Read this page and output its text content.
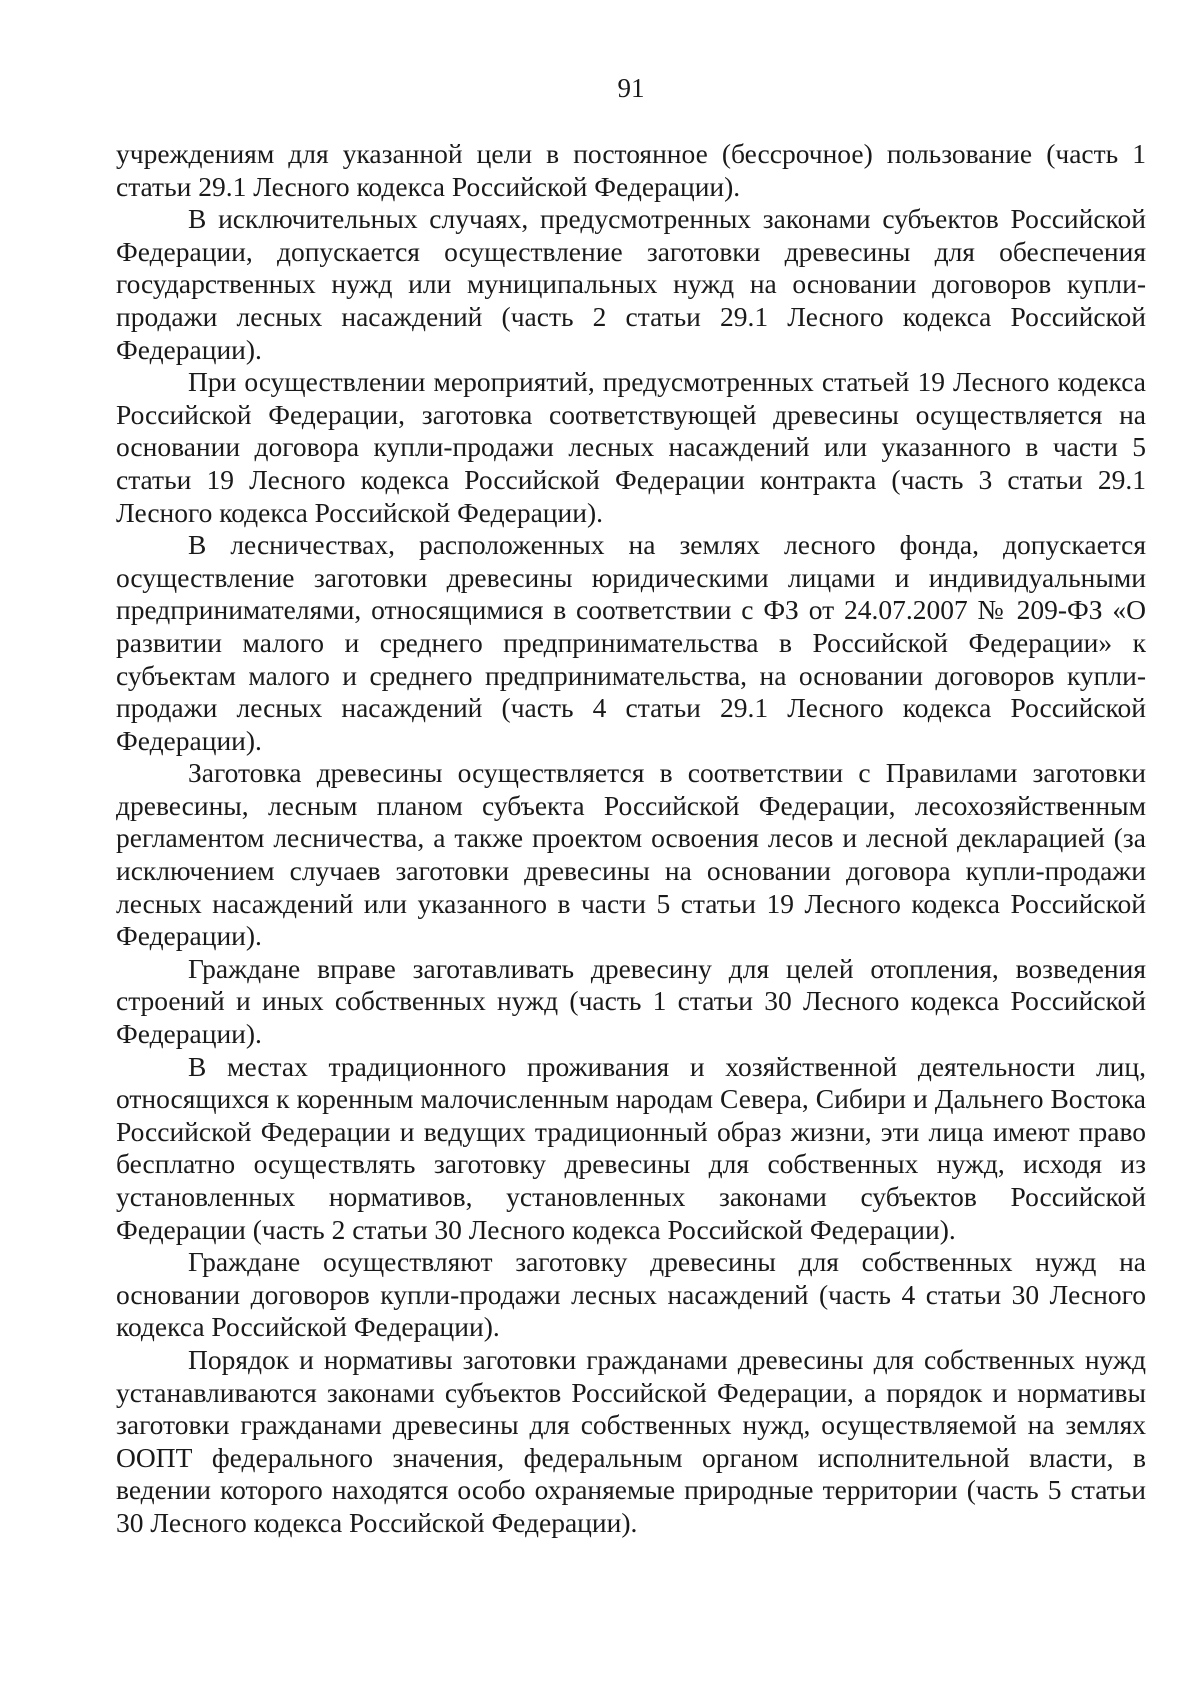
91

учреждениям для указанной цели в постоянное (бессрочное) пользование (часть 1 статьи 29.1 Лесного кодекса Российской Федерации).

В исключительных случаях, предусмотренных законами субъектов Российской Федерации, допускается осуществление заготовки древесины для обеспечения государственных нужд или муниципальных нужд на основании договоров купли-продажи лесных насаждений (часть 2 статьи 29.1 Лесного кодекса Российской Федерации).

При осуществлении мероприятий, предусмотренных статьей 19 Лесного кодекса Российской Федерации, заготовка соответствующей древесины осуществляется на основании договора купли-продажи лесных насаждений или указанного в части 5 статьи 19 Лесного кодекса Российской Федерации контракта (часть 3 статьи 29.1 Лесного кодекса Российской Федерации).

В лесничествах, расположенных на землях лесного фонда, допускается осуществление заготовки древесины юридическими лицами и индивидуальными предпринимателями, относящимися в соответствии с ФЗ от 24.07.2007 № 209-ФЗ «О развитии малого и среднего предпринимательства в Российской Федерации» к субъектам малого и среднего предпринимательства, на основании договоров купли-продажи лесных насаждений (часть 4 статьи 29.1 Лесного кодекса Российской Федерации).

Заготовка древесины осуществляется в соответствии с Правилами заготовки древесины, лесным планом субъекта Российской Федерации, лесохозяйственным регламентом лесничества, а также проектом освоения лесов и лесной декларацией (за исключением случаев заготовки древесины на основании договора купли-продажи лесных насаждений или указанного в части 5 статьи 19 Лесного кодекса Российской Федерации).

Граждане вправе заготавливать древесину для целей отопления, возведения строений и иных собственных нужд (часть 1 статьи 30 Лесного кодекса Российской Федерации).

В местах традиционного проживания и хозяйственной деятельности лиц, относящихся к коренным малочисленным народам Севера, Сибири и Дальнего Востока Российской Федерации и ведущих традиционный образ жизни, эти лица имеют право бесплатно осуществлять заготовку древесины для собственных нужд, исходя из установленных нормативов, установленных законами субъектов Российской Федерации (часть 2 статьи 30 Лесного кодекса Российской Федерации).

Граждане осуществляют заготовку древесины для собственных нужд на основании договоров купли-продажи лесных насаждений (часть 4 статьи 30 Лесного кодекса Российской Федерации).

Порядок и нормативы заготовки гражданами древесины для собственных нужд устанавливаются законами субъектов Российской Федерации, а порядок и нормативы заготовки гражданами древесины для собственных нужд, осуществляемой на землях ООПТ федерального значения, федеральным органом исполнительной власти, в ведении которого находятся особо охраняемые природные территории (часть 5 статьи 30 Лесного кодекса Российской Федерации).
